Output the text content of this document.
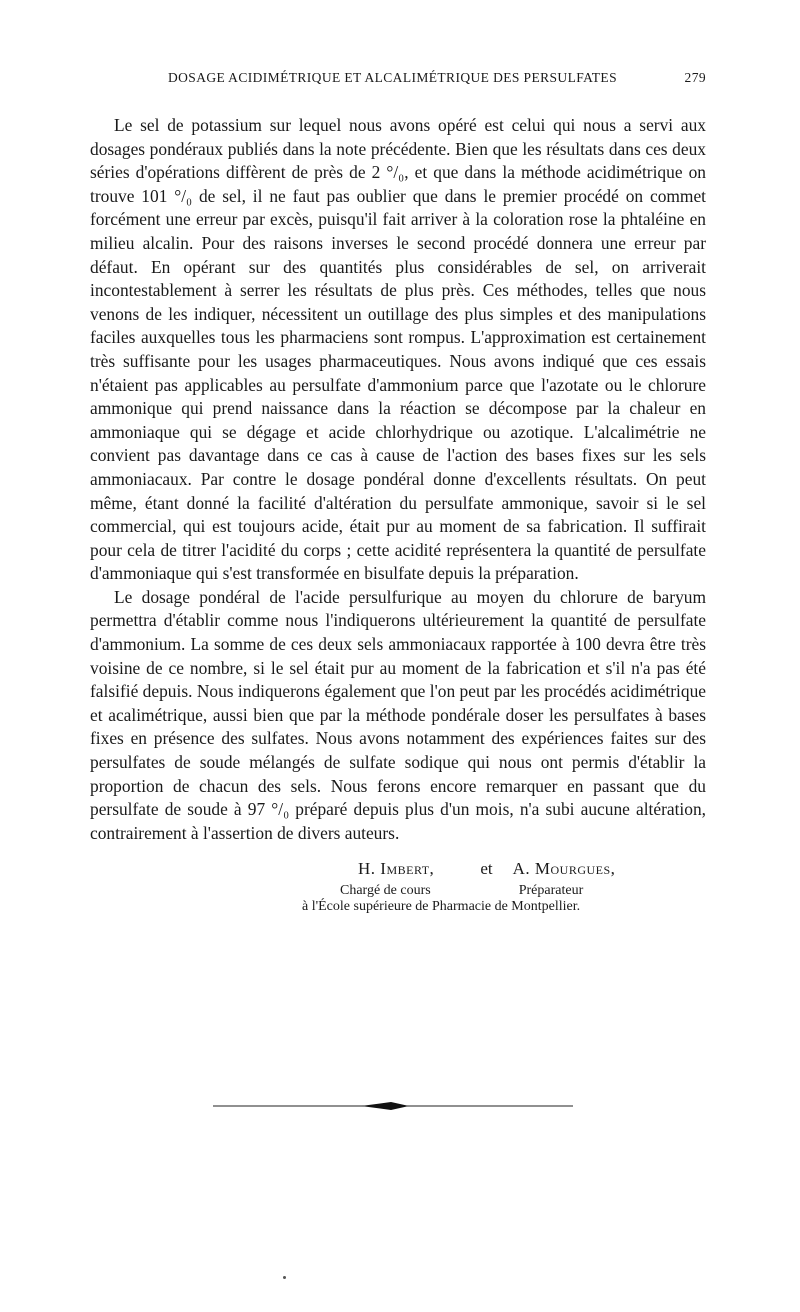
DOSAGE ACIDIMÉTRIQUE ET ALCALIMÉTRIQUE DES PERSULFATES	279

Le sel de potassium sur lequel nous avons opéré est celui qui nous a servi aux dosages pondéraux publiés dans la note précédente. Bien que les résultats dans ces deux séries d'opérations diffèrent de près de 2 °/₀, et que dans la méthode acidimétrique on trouve 101 °/₀ de sel, il ne faut pas oublier que dans le premier procédé on commet forcément une erreur par excès, puisqu'il fait arriver à la coloration rose la phtaléine en milieu alcalin. Pour des raisons inverses le second procédé donnera une erreur par défaut. En opérant sur des quantités plus considérables de sel, on arriverait incontestablement à serrer les résultats de plus près. Ces méthodes, telles que nous venons de les indiquer, nécessitent un outillage des plus simples et des manipulations faciles auxquelles tous les pharmaciens sont rompus. L'approximation est certainement très suffisante pour les usages pharmaceutiques. Nous avons indiqué que ces essais n'étaient pas applicables au persulfate d'ammonium parce que l'azotate ou le chlorure ammonique qui prend naissance dans la réaction se décompose par la chaleur en ammoniaque qui se dégage et acide chlorhydrique ou azotique. L'alcalimétrie ne convient pas davantage dans ce cas à cause de l'action des bases fixes sur les sels ammoniacaux. Par contre le dosage pondéral donne d'excellents résultats. On peut même, étant donné la facilité d'altération du persulfate ammonique, savoir si le sel commercial, qui est toujours acide, était pur au moment de sa fabrication. Il suffirait pour cela de titrer l'acidité du corps ; cette acidité représentera la quantité de persulfate d'ammoniaque qui s'est transformée en bisulfate depuis la préparation.

Le dosage pondéral de l'acide persulfurique au moyen du chlorure de baryum permettra d'établir comme nous l'indiquerons ultérieurement la quantité de persulfate d'ammonium. La somme de ces deux sels ammoniacaux rapportée à 100 devra être très voisine de ce nombre, si le sel était pur au moment de la fabrication et s'il n'a pas été falsifié depuis. Nous indiquerons également que l'on peut par les procédés acidimétrique et acalimétrique, aussi bien que par la méthode pondérale doser les persulfates à bases fixes en présence des sulfates. Nous avons notamment des expériences faites sur des persulfates de soude mélangés de sulfate sodique qui nous ont permis d'établir la proportion de chacun des sels. Nous ferons encore remarquer en passant que du persulfate de soude à 97 °/₀ préparé depuis plus d'un mois, n'a subi aucune altération, contrairement à l'assertion de divers auteurs.

H. Imbert,	et A. Mourgues,
Chargé de cours	Préparateur
à l'École supérieure de Pharmacie de Montpellier.
